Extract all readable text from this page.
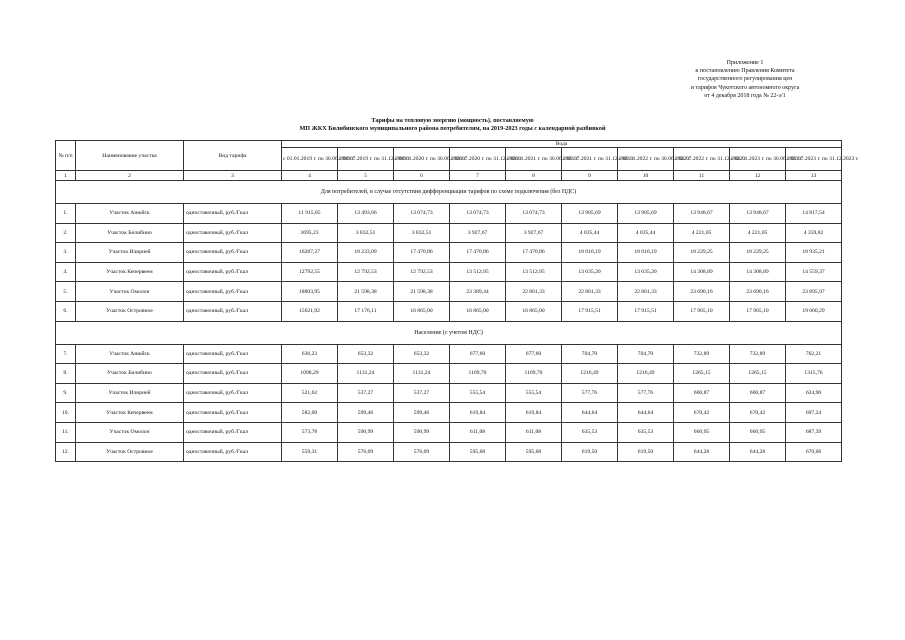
Приложение 1
к постановлению Правления Комитета
государственного регулирования цен
и тарифов Чукотского автономного округа
от 4 декабря 2018 года № 22-э/1
Тарифы на тепловую энергию (мощность), поставляемую
МП ЖКХ Билибинского муниципального района потребителям, на 2019-2023 годы с календарной разбивкой
№ п/п	Наименование участка	Вид тарифа	Вода									
			с 01.01.2019 г. по 30.06.2019 г.	с 01.07.2019 г. по 31.12.2019 г.	с 01.01.2020 г. по 30.06.2020 г.	с 01.07.2020 г. по 31.12.2020 г.	с 01.01.2021 г. по 30.06.2021 г.	с 01.07.2021 г. по 31.12.2021 г.	с 01.01.2022 г. по 30.06.2022 г.	с 01.07.2022 г. по 31.12.2022 г.	с 01.01.2023 г. по 30.06.2023 г.	с 01.07.2023 г. по 31.12.2023 г.
1	2	3	4	5	6	7	8	9	10	11	12	13
Для потребителей, в случае отсутствия дифференциации тарифов по схеме подключения (без НДС)												
1.	Участок Анюйск	одноставочный, руб./Гкал	11 915,85	13 493,66	13 074,73	13 074,73	13 074,73	13 905,69	13 905,69	13 948,67	13 948,67	14 817,54
2.	Участок Билибино	одноставочный, руб./Гкал	3695,23	3 832,51	3 832,51	3 927,67	3 927,67	4 035,44	4 035,44	4 221,05	4 221,05	4 359,82
3.	Участок Илирней	одноставочный, руб./Гкал	16287,27	18 233,09	17 470,86	17 470,86	17 470,86	18 016,19	18 016,19	18 229,25	18 229,25	18 935,21
4.	Участок Кепервеем	одноставочный, руб./Гкал	12792,55	12 792,53	12 792,53	13 512,95	13 512,95	13 635,20	13 635,20	14 308,89	14 308,89	14 559,37
5.	Участок Омолон	одноставочный, руб./Гкал	18803,95	21 598,38	21 598,38	23 389,44	22 801,33	22 801,33	22 801,33	23 690,16	23 690,16	23 895,97
6.	Участок Островное	одноставочный, руб./Гкал	15621,92	17 176,11	16 865,00	16 865,00	16 865,00	17 915,51	17 915,51	17 965,10	17 965,10	19 060,29
Население (с учетом НДС)												
7.	Участок Анюйск	одноставочный, руб./Гкал	636,23	653,32	653,32	677,60	677,60	704,70	704,70	732,89	732,89	762,21
8.	Участок Билибино	одноставочный, руб./Гкал	1098,29	1131,24	1131,24	1169,70	1169,70	1216,49	1216,49	1265,15	1265,15	1315,76
9.	Участок Илирней	одноставочный, руб./Гкал	521,62	537,27	537,27	555,54	555,54	577,76	577,76	600,87	600,87	624,90
10.	Участок Кепервеем	одноставочный, руб./Гкал	582,00	599,46	599,46	619,84	619,84	644,64	644,64	670,42	670,42	697,24
11.	Участок Омолон	одноставочный, руб./Гкал	573,78	590,99	590,99	611,08	611,08	635,53	635,53	660,95	660,95	687,39
12.	Участок Островное	одноставочный, руб./Гкал	559,31	576,09	576,09	595,68	595,68	619,50	619,50	644,28	644,28	670,06
